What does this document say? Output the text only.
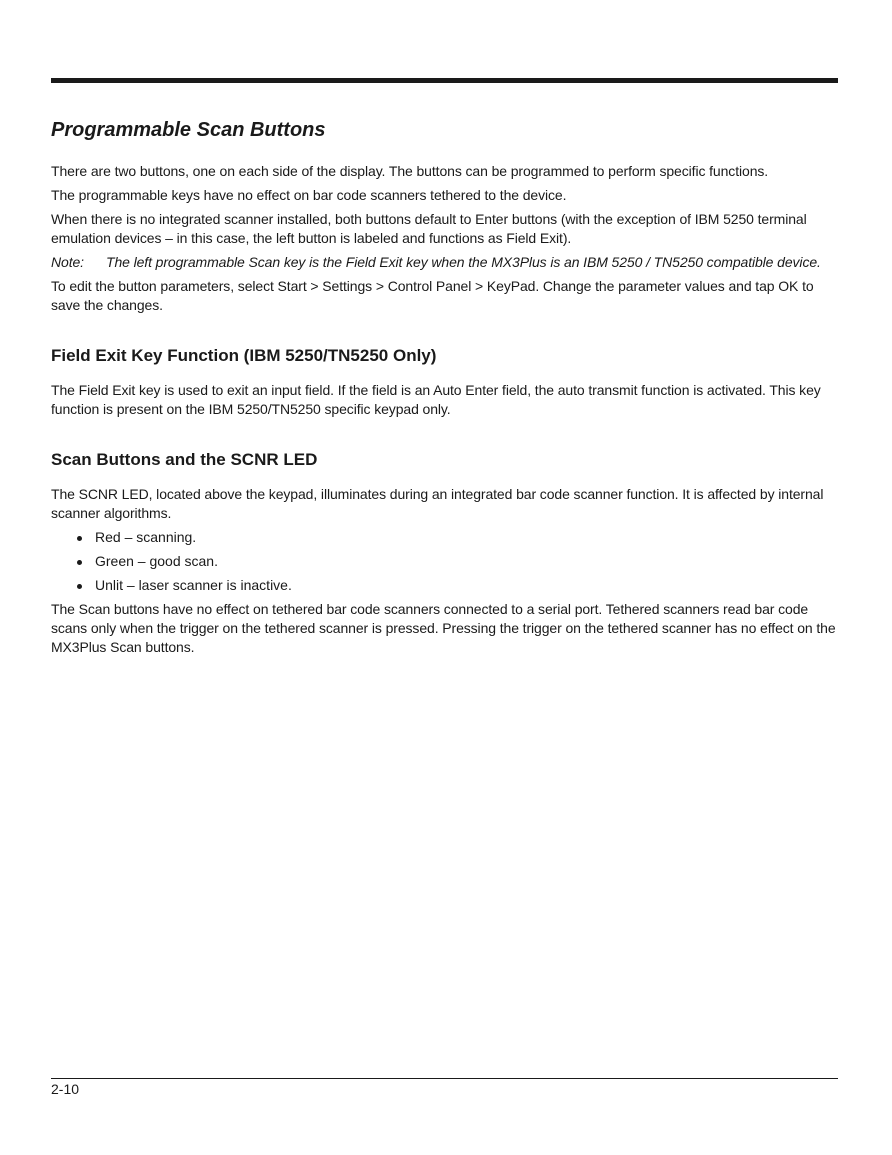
Programmable Scan Buttons

There are two buttons, one on each side of the display. The buttons can be programmed to perform specific functions.

The programmable keys have no effect on bar code scanners tethered to the device.

When there is no integrated scanner installed, both buttons default to Enter buttons (with the exception of IBM 5250 terminal emulation devices – in this case, the left button is labeled and functions as Field Exit).

Note: The left programmable Scan key is the Field Exit key when the MX3Plus is an IBM 5250 / TN5250 compatible device.

To edit the button parameters, select Start > Settings > Control Panel > KeyPad. Change the parameter values and tap OK to save the changes.

Field Exit Key Function (IBM 5250/TN5250 Only)

The Field Exit key is used to exit an input field. If the field is an Auto Enter field, the auto transmit function is activated. This key function is present on the IBM 5250/TN5250 specific keypad only.

Scan Buttons and the SCNR LED

The SCNR LED, located above the keypad, illuminates during an integrated bar code scanner function. It is affected by internal scanner algorithms.

Red – scanning.
Green – good scan.
Unlit – laser scanner is inactive.

The Scan buttons have no effect on tethered bar code scanners connected to a serial port. Tethered scanners read bar code scans only when the trigger on the tethered scanner is pressed. Pressing the trigger on the tethered scanner has no effect on the MX3Plus Scan buttons.

2-10
